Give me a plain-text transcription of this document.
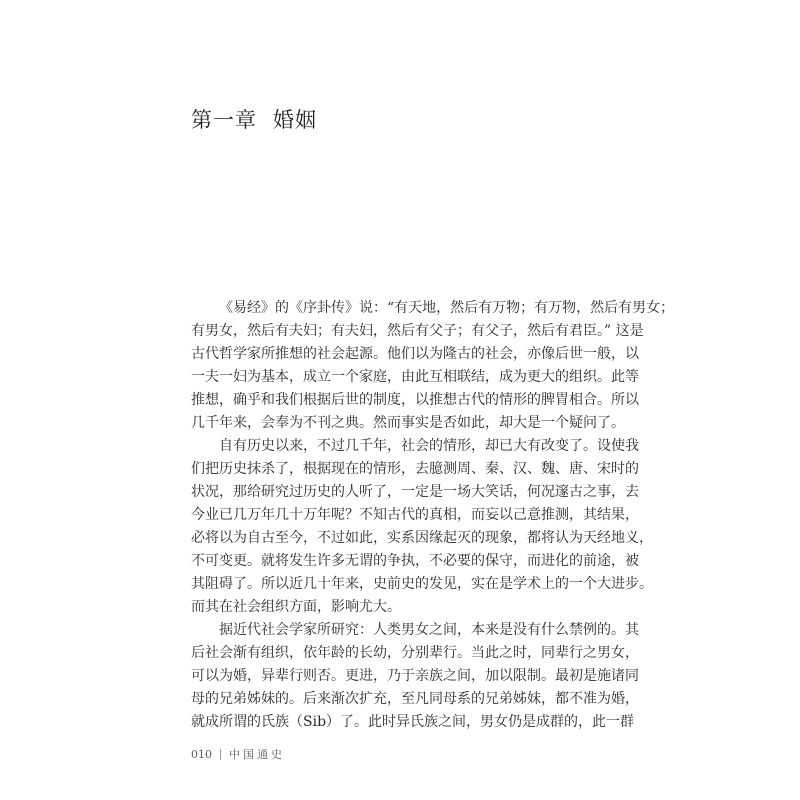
第一章 婚姻
《易经》的《序卦传》说：“有天地，然后有万物；有万物，然后有男女；
有男女，然后有夫妇；有夫妇，然后有父子；有父子，然后有君臣。” 这是
古代哲学家所推想的社会起源。他们以为隆古的社会，亦像后世一般，以
一夫一妇为基本，成立一个家庭，由此互相联结，成为更大的组织。此等
推想，确乎和我们根据后世的制度，以推想古代的情形的脾胃相合。所以
几千年来，会奉为不刊之典。然而事实是否如此，却大是一个疑问了。
自有历史以来，不过几千年，社会的情形，却已大有改变了。设使我
们把历史抹杀了，根据现在的情形，去臆测周、秦、汉、魏、唐、宋时的
状况，那给研究过历史的人听了，一定是一场大笑话，何况邃古之事，去
今业已几万年几十万年呢？不知古代的真相，而妄以己意推测，其结果，
必将以为自古至今，不过如此，实系因缘起灭的现象，都将认为天经地义，
不可变更。就将发生许多无谓的争执，不必要的保守，而进化的前途，被
其阻碍了。所以近几十年来，史前史的发见，实在是学术上的一个大进步。
而其在社会组织方面，影响尤大。
据近代社会学家所研究：人类男女之间，本来是没有什么禁例的。其
后社会渐有组织，依年龄的长幼，分别辈行。当此之时，同辈行之男女，
可以为婚，异辈行则否。更进，乃于亲族之间，加以限制。最初是施诸同
母的兄弟姊妹的。后来渐次扩充，至凡同母系的兄弟姊妹，都不准为婚，
就成所谓的氏族（Sib）了。此时异氏族之间，男女仍是成群的，此一群
010 中国通史
